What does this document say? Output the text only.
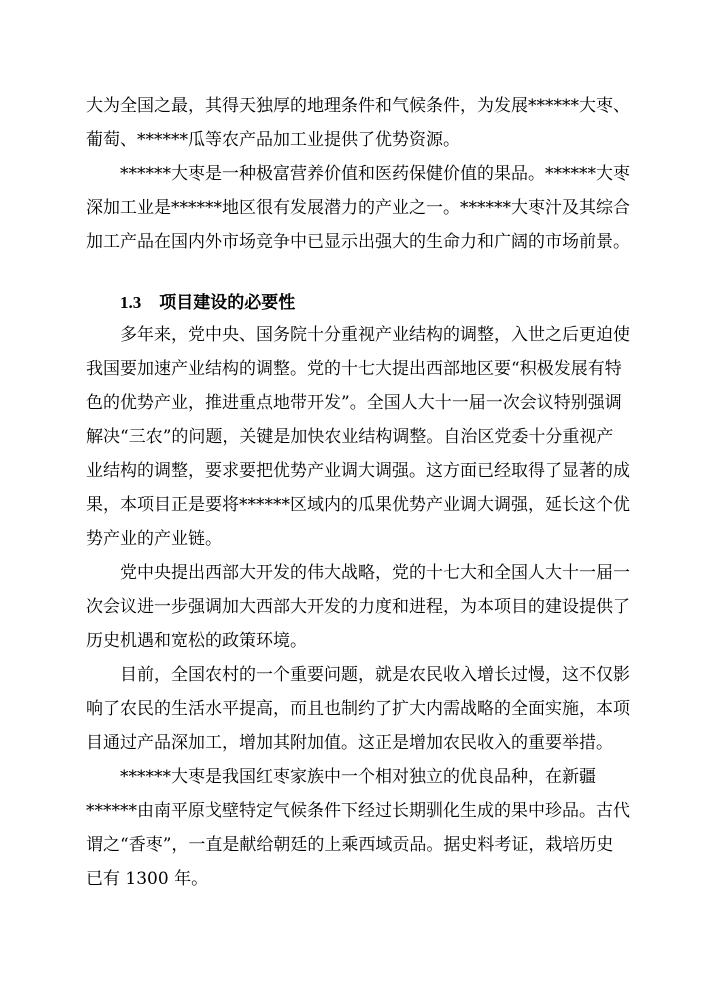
大为全国之最，其得天独厚的地理条件和气候条件，为发展******大枣、
葡萄、******瓜等农产品加工业提供了优势资源。
******大枣是一种极富营养价值和医药保健价值的果品。******大枣
深加工业是******地区很有发展潜力的产业之一。******大枣汁及其综合
加工产品在国内外市场竞争中已显示出强大的生命力和广阔的市场前景。
1.3 项目建设的必要性
多年来，党中央、国务院十分重视产业结构的调整，入世之后更迫使
我国要加速产业结构的调整。党的十七大提出西部地区要“积极发展有特
色的优势产业，推进重点地带开发”。全国人大十一届一次会议特别强调
解决“三农”的问题，关键是加快农业结构调整。自治区党委十分重视产
业结构的调整，要求要把优势产业调大调强。这方面已经取得了显著的成
果，本项目正是要将******区域内的瓜果优势产业调大调强，延长这个优
势产业的产业链。
党中央提出西部大开发的伟大战略，党的十七大和全国人大十一届一
次会议进一步强调加大西部大开发的力度和进程，为本项目的建设提供了
历史机遇和宽松的政策环境。
目前，全国农村的一个重要问题，就是农民收入增长过慢，这不仅影
响了农民的生活水平提高，而且也制约了扩大内需战略的全面实施，本项
目通过产品深加工，增加其附加值。这正是增加农民收入的重要举措。
******大枣是我国红枣家族中一个相对独立的优良品种，在新疆
******由南平原戈壁特定气候条件下经过长期驯化生成的果中珍品。古代
谓之“香枣”，一直是献给朝廷的上乘西域贡品。据史料考证，栽培历史
已有 1300 年。
